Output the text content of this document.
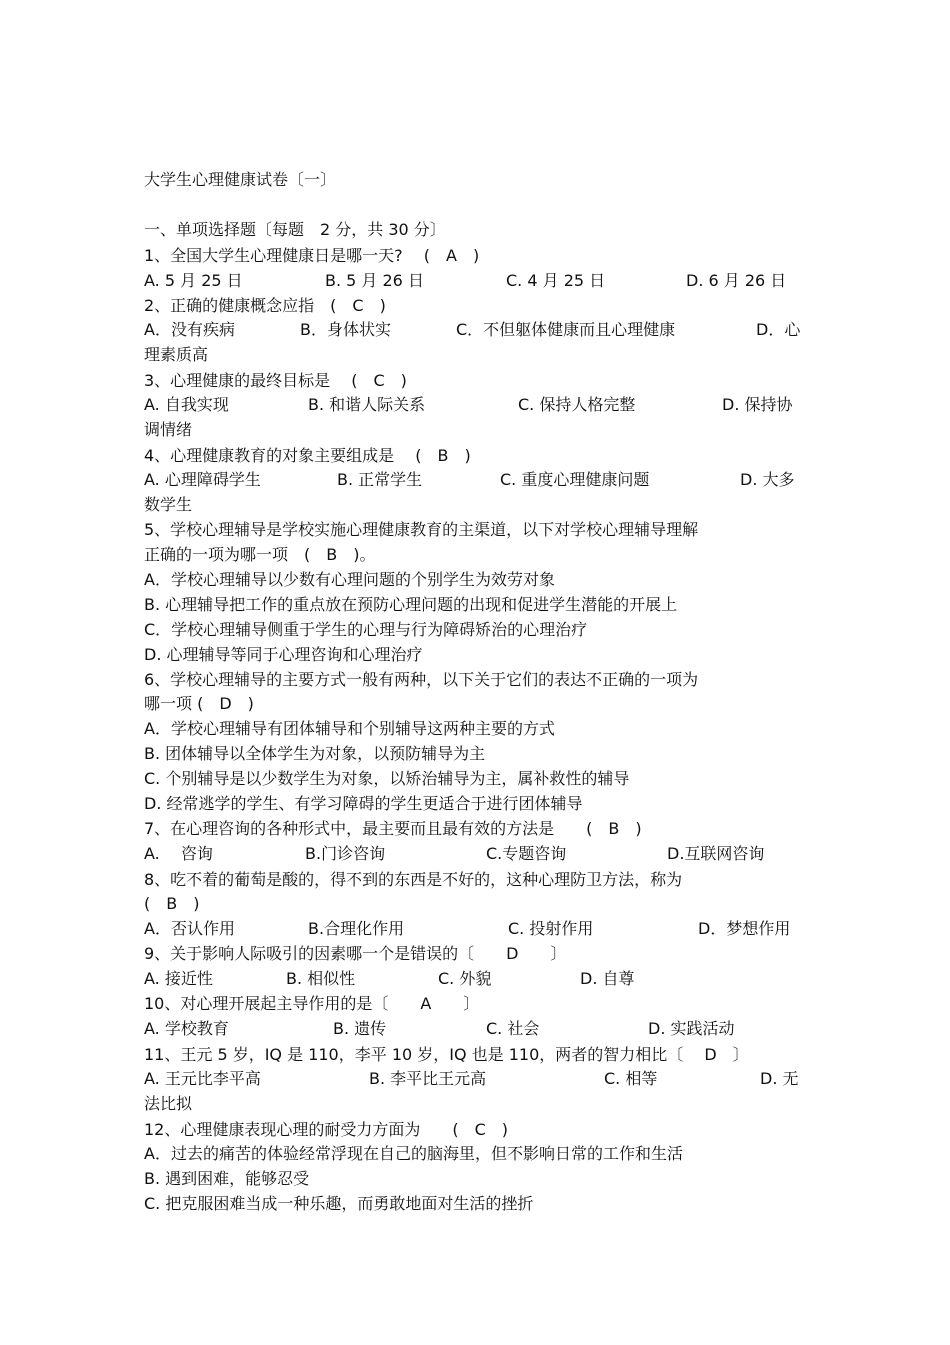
大学生心理健康试卷〔一〕
一、单项选择题〔每题　2 分，共 30 分〕
1、全国大学生心理健康日是哪一天?　 (　A　)
A. 5 月 25 日	B. 5 月 26 日	C. 4 月 25 日	D. 6 月 26 日
2、正确的健康概念应指　(　C　)
A．没有疾病	B．身体状实	C．不但躯体健康而且心理健康	D．心
理素质高
3、心理健康的最终目标是　 (　C　)
A. 自我实现	B. 和谐人际关系	C. 保持人格完整	D. 保持协
调情绪
4、心理健康教育的对象主要组成是　 (　B　)
A. 心理障碍学生	B. 正常学生	C. 重度心理健康问题	D. 大多
数学生
5、学校心理辅导是学校实施心理健康教育的主渠道，以下对学校心理辅导理解
正确的一项为哪一项　(　B　)。
A．学校心理辅导以少数有心理问题的个别学生为效劳对象
B. 心理辅导把工作的重点放在预防心理问题的出现和促进学生潜能的开展上
C．学校心理辅导侧重于学生的心理与行为障碍矫治的心理治疗
D. 心理辅导等同于心理咨询和心理治疗
6、学校心理辅导的主要方式一般有两种，以下关于它们的表达不正确的一项为
哪一项 (　D　)
A．学校心理辅导有团体辅导和个别辅导这两种主要的方式
B. 团体辅导以全体学生为对象，以预防辅导为主
C. 个别辅导是以少数学生为对象，以矫治辅导为主，属补救性的辅导
D. 经常逃学的学生、有学习障碍的学生更适合于进行团体辅导
7、在心理咨询的各种形式中，最主要而且最有效的方法是　　(　B　)
A.　 咨询	B.门诊咨询	C.专题咨询	D.互联网咨询
8、吃不着的葡萄是酸的，得不到的东西是不好的，这种心理防卫方法，称为
(　B　)
A．否认作用	B.合理化作用	C. 投射作用	D．梦想作用
9、关于影响人际吸引的因素哪一个是错误的〔　　D　　〕
A. 接近性	B. 相似性	C. 外貌	D. 自尊
10、对心理开展起主导作用的是〔　　A　　〕
A. 学校教育	B. 遗传	C. 社会	D. 实践活动
11、王元 5 岁，IQ 是 110，李平 10 岁，IQ 也是 110，两者的智力相比〔　 D　〕
A. 王元比李平高	B. 李平比王元高	C. 相等	D. 无
法比拟
12、心理健康表现心理的耐受力方面为　　(　C　)
A．过去的痛苦的体验经常浮现在自己的脑海里，但不影响日常的工作和生活
B. 遇到困难，能够忍受
C. 把克服困难当成一种乐趣，而勇敢地面对生活的挫折
